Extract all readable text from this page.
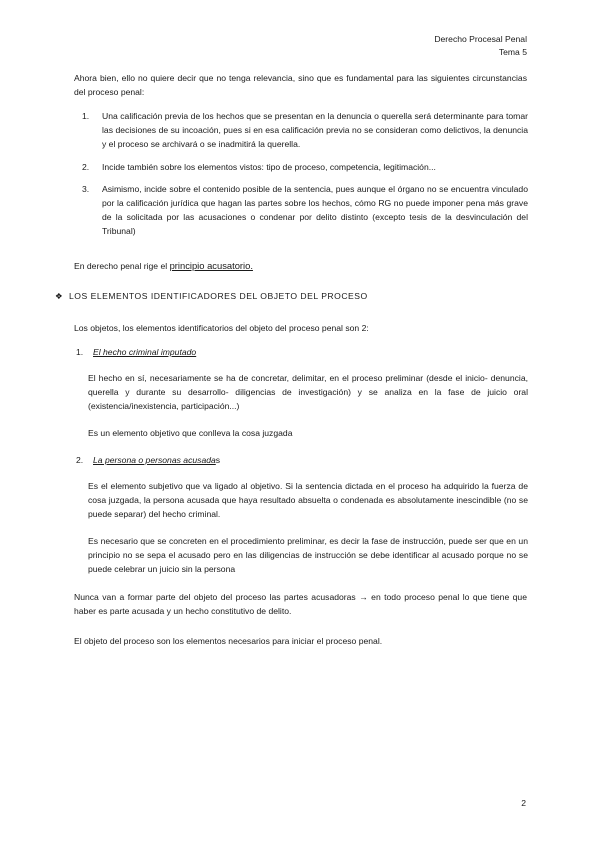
Derecho Procesal Penal
Tema 5

Ahora bien, ello no quiere decir que no tenga relevancia, sino que es fundamental para las siguientes circunstancias del proceso penal:

1. Una calificación previa de los hechos que se presentan en la denuncia o querella será determinante para tomar las decisiones de su incoación, pues si en esa calificación previa no se consideran como delictivos, la denuncia y el proceso se archivará o se inadmitirá la querella.
2. Incide también sobre los elementos vistos: tipo de proceso, competencia, legitimación...
3. Asimismo, incide sobre el contenido posible de la sentencia, pues aunque el órgano no se encuentra vinculado por la calificación jurídica que hagan las partes sobre los hechos, cómo RG no puede imponer pena más grave de la solicitada por las acusaciones o condenar por delito distinto (excepto tesis de la desvinculación del Tribunal)

En derecho penal rige el principio acusatorio.

❖ LOS ELEMENTOS IDENTIFICADORES DEL OBJETO DEL PROCESO

Los objetos, los elementos identificatorios del objeto del proceso penal son 2:

1. El hecho criminal imputado

El hecho en sí, necesariamente se ha de concretar, delimitar, en el proceso preliminar (desde el inicio- denuncia, querella y durante su desarrollo- diligencias de investigación) y se analiza en la fase de juicio oral (existencia/inexistencia, participación...)

Es un elemento objetivo que conlleva la cosa juzgada

2. La persona o personas acusadas

Es el elemento subjetivo que va ligado al objetivo. Si la sentencia dictada en el proceso ha adquirido la fuerza de cosa juzgada, la persona acusada que haya resultado absuelta o condenada es absolutamente inescindible (no se puede separar) del hecho criminal.

Es necesario que se concreten en el procedimiento preliminar, es decir la fase de instrucción, puede ser que en un principio no se sepa el acusado pero en las diligencias de instrucción se debe identificar al acusado porque no se puede celebrar un juicio sin la persona

Nunca van a formar parte del objeto del proceso las partes acusadoras → en todo proceso penal lo que tiene que haber es parte acusada y un hecho constitutivo de delito.

El objeto del proceso son los elementos necesarios para iniciar el proceso penal.

2
